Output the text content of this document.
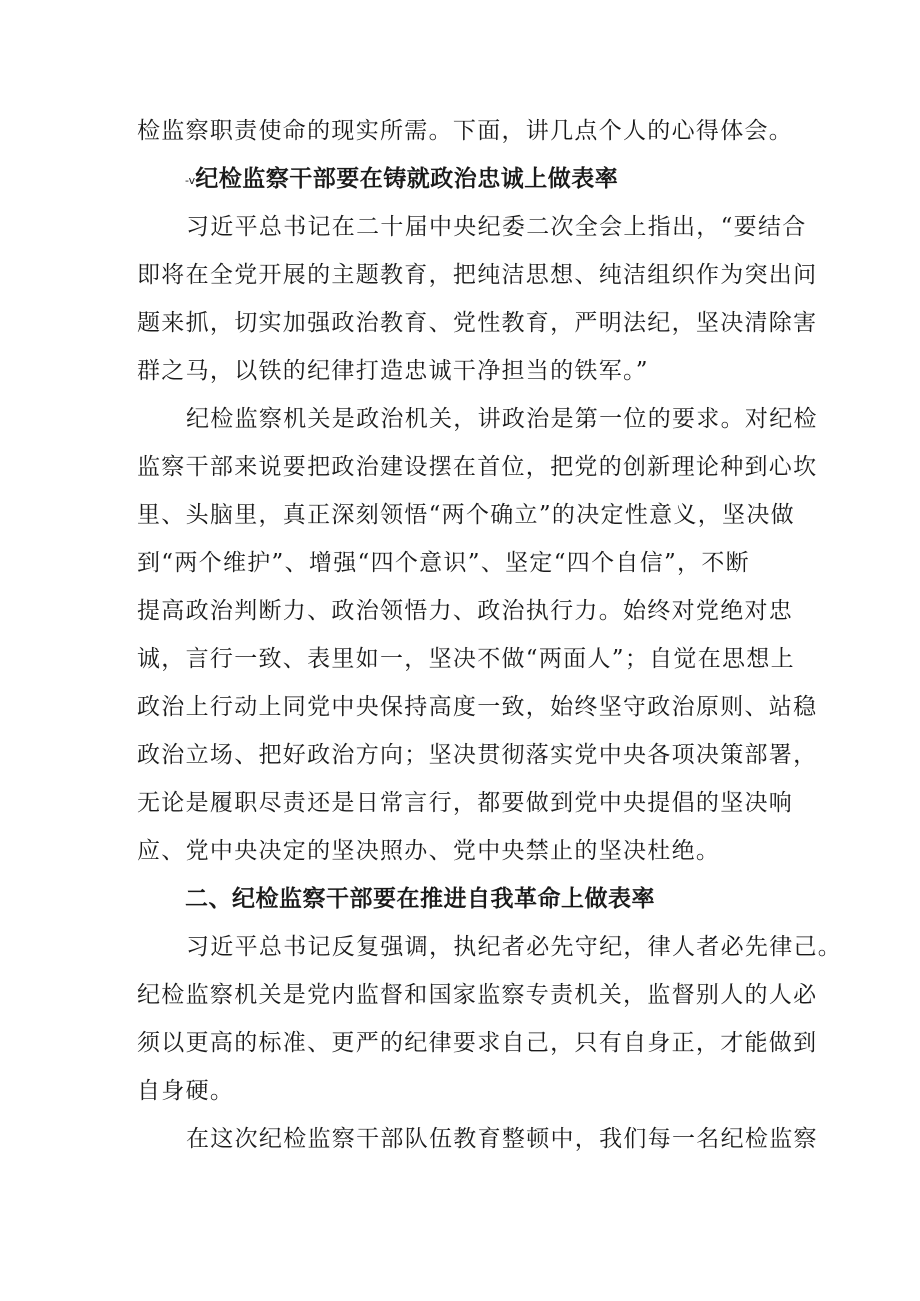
检监察职责使命的现实所需。下面，讲几点个人的心得体会。
-v纪检监察干部要在铸就政治忠诚上做表率
习近平总书记在二十届中央纪委二次全会上指出，“要结合
即将在全党开展的主题教育，把纯洁思想、纯洁组织作为突出问
题来抓，切实加强政治教育、党性教育，严明法纪，坚决清除害
群之马，以铁的纪律打造忠诚干净担当的铁军。”
纪检监察机关是政治机关，讲政治是第一位的要求。对纪检
监察干部来说要把政治建设摆在首位，把党的创新理论种到心坎
里、头脑里，真正深刻领悟“两个确立”的决定性意义，坚决做
到“两个维护”、增强“四个意识”、坚定“四个自信”，不断
提高政治判断力、政治领悟力、政治执行力。始终对党绝对忠
诚，言行一致、表里如一，坚决不做“两面人”；自觉在思想上
政治上行动上同党中央保持高度一致，始终坚守政治原则、站稳
政治立场、把好政治方向；坚决贯彻落实党中央各项决策部署，
无论是履职尽责还是日常言行，都要做到党中央提倡的坚决响
应、党中央决定的坚决照办、党中央禁止的坚决杜绝。
二、纪检监察干部要在推进自我革命上做表率
习近平总书记反复强调，执纪者必先守纪，律人者必先律己。
纪检监察机关是党内监督和国家监察专责机关，监督别人的人必
须以更高的标准、更严的纪律要求自己，只有自身正，才能做到
自身硬。
在这次纪检监察干部队伍教育整顿中，我们每一名纪检监察
